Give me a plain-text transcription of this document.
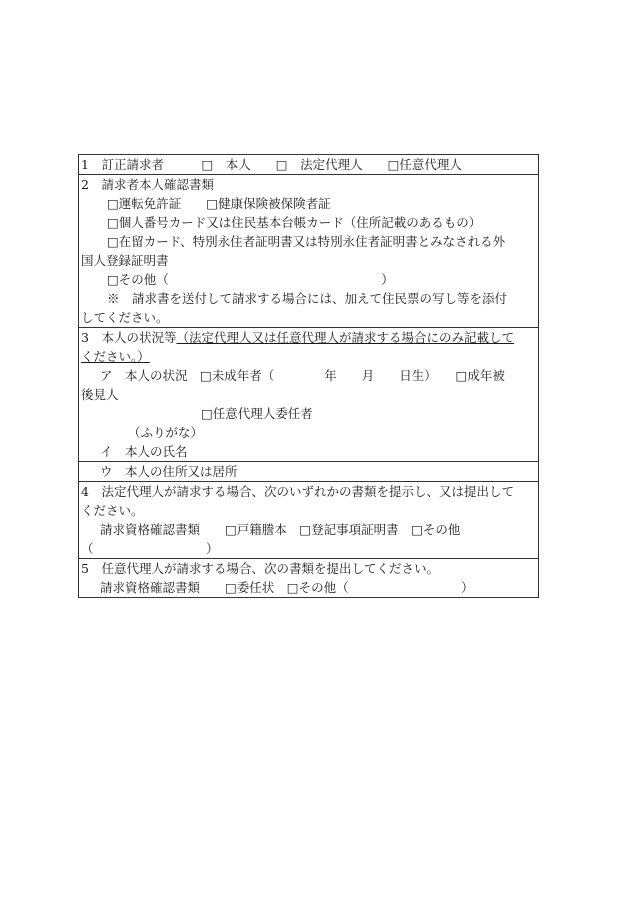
1　訂正請求者　　　□　本人　　□　法定代理人　　□任意代理人
2　請求者本人確認書類
□運転免許証　　□健康保険被保険者証
□個人番号カード又は住民基本台帳カード（住所記載のあるもの）
□在留カード、特別永住者証明書又は特別永住者証明書とみなされる外
国人登録証明書
□その他（　　　　　　　　　　　　　　　　　）
※　請求書を送付して請求する場合には、加えて住民票の写し等を添付
してください。
3　本人の状況等（法定代理人又は任意代理人が請求する場合にのみ記載して
ください。）
ア　本人の状況　□未成年者（　　　　年　　月　　日生）　　□成年被
後見人
□任意代理人委任者
（ふりがな）
イ　本人の氏名
ウ　本人の住所又は居所
4　法定代理人が請求する場合、次のいずれかの書類を提示し、又は提出して
ください。
請求資格確認書類　　□戸籍謄本　□登記事項証明書　□その他
（　　　　　　　　　）
5　任意代理人が請求する場合、次の書類を提出してください。
請求資格確認書類　　□委任状　□その他（　　　　　　　　　）
